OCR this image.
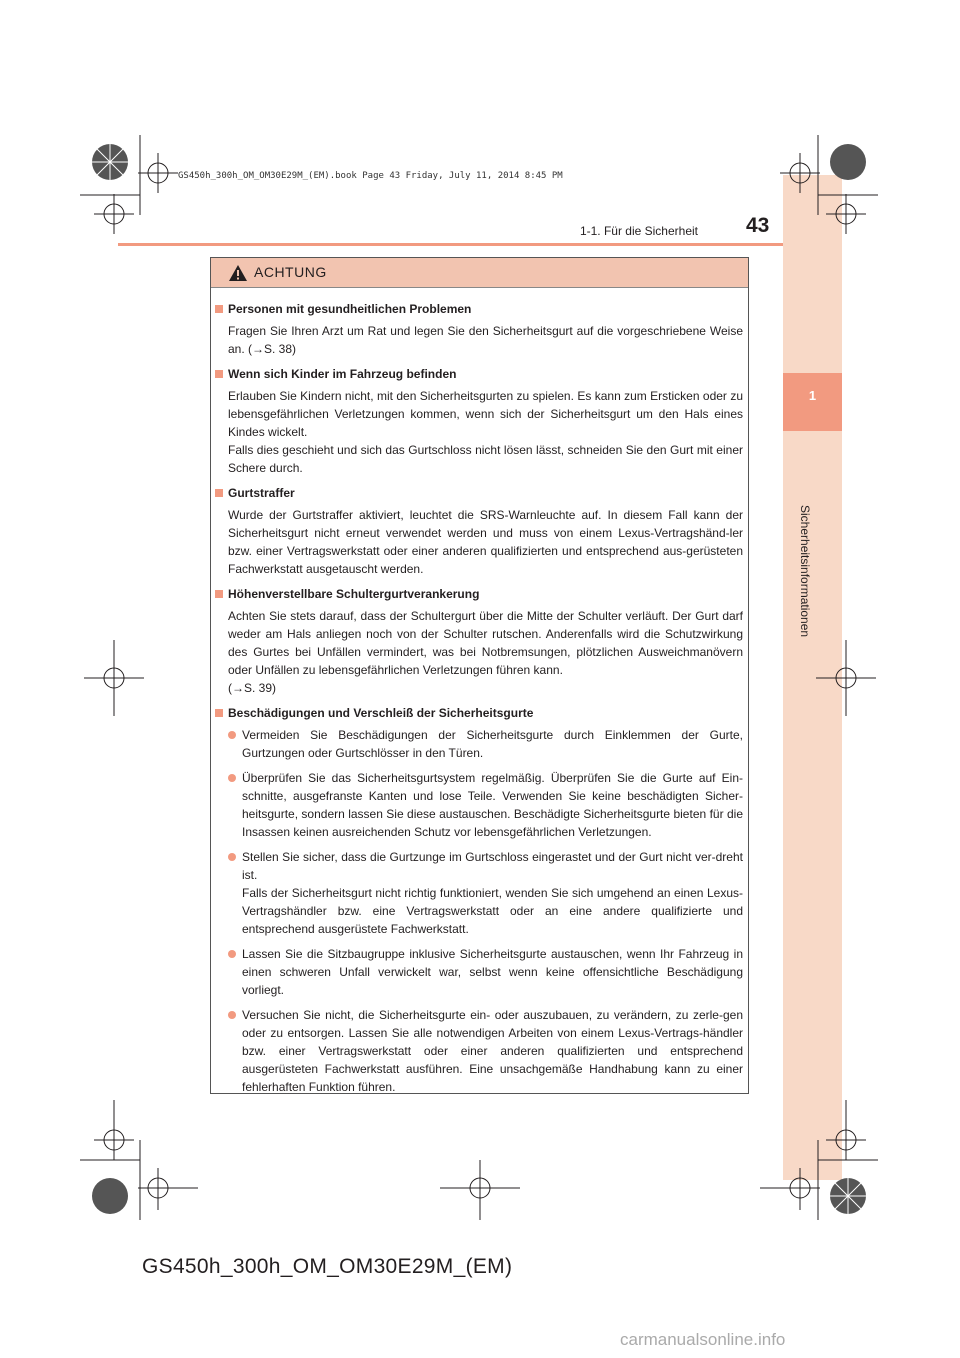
1
Sicherheitsinformationen
GS450h_300h_OM_OM30E29M_(EM).book Page 43 Friday, July 11, 2014 8:45 PM
1-1. Für die Sicherheit 43
ACHTUNG

Personen mit gesundheitlichen Problemen

Fragen Sie Ihren Arzt um Rat und legen Sie den Sicherheitsgurt auf die vorgeschriebene Weise an. (→S. 38)

Wenn sich Kinder im Fahrzeug befinden

Erlauben Sie Kindern nicht, mit den Sicherheitsgurten zu spielen. Es kann zum Ersticken oder zu lebensgefährlichen Verletzungen kommen, wenn sich der Sicherheitsgurt um den Hals eines Kindes wickelt.

Falls dies geschieht und sich das Gurtschloss nicht lösen lässt, schneiden Sie den Gurt mit einer Schere durch.

Gurtstraffer

Wurde der Gurtstraffer aktiviert, leuchtet die SRS-Warnleuchte auf. In diesem Fall kann der Sicherheitsgurt nicht erneut verwendet werden und muss von einem Lexus-Vertragshänd-ler bzw. einer Vertragswerkstatt oder einer anderen qualifizierten und entsprechend aus-gerüsteten Fachwerkstatt ausgetauscht werden.

Höhenverstellbare Schultergurtverankerung

Achten Sie stets darauf, dass der Schultergurt über die Mitte der Schulter verläuft. Der Gurt darf weder am Hals anliegen noch von der Schulter rutschen. Anderenfalls wird die Schutzwirkung des Gurtes bei Unfällen vermindert, was bei Notbremsungen, plötzlichen Ausweichmanövern oder Unfällen zu lebensgefährlichen Verletzungen führen kann.

(→S. 39)

Beschädigungen und Verschleiß der Sicherheitsgurte

Vermeiden Sie Beschädigungen der Sicherheitsgurte durch Einklemmen der Gurte, Gurtzungen oder Gurtschlösser in den Türen.

Überprüfen Sie das Sicherheitsgurtsystem regelmäßig. Überprüfen Sie die Gurte auf Ein-schnitte, ausgefranste Kanten und lose Teile. Verwenden Sie keine beschädigten Sicher-heitsgurte, sondern lassen Sie diese austauschen. Beschädigte Sicherheitsgurte bieten für die Insassen keinen ausreichenden Schutz vor lebensgefährlichen Verletzungen.

Stellen Sie sicher, dass die Gurtzunge im Gurtschloss eingerastet und der Gurt nicht ver-dreht ist.

Falls der Sicherheitsgurt nicht richtig funktioniert, wenden Sie sich umgehend an einen Lexus-Vertragshändler bzw. eine Vertragswerkstatt oder an eine andere qualifizierte und entsprechend ausgerüstete Fachwerkstatt.

Lassen Sie die Sitzbaugruppe inklusive Sicherheitsgurte austauschen, wenn Ihr Fahrzeug in einen schweren Unfall verwickelt war, selbst wenn keine offensichtliche Beschädigung vorliegt.

Versuchen Sie nicht, die Sicherheitsgurte ein- oder auszubauen, zu verändern, zu zerle-gen oder zu entsorgen. Lassen Sie alle notwendigen Arbeiten von einem Lexus-Vertrags-händler bzw. einer Vertragswerkstatt oder einer anderen qualifizierten und entsprechend ausgerüsteten Fachwerkstatt ausführen. Eine unsachgemäße Handhabung kann zu einer fehlerhaften Funktion führen.

GS450h_300h_OM_OM30E29M_(EM)
carmanualsonline.info
